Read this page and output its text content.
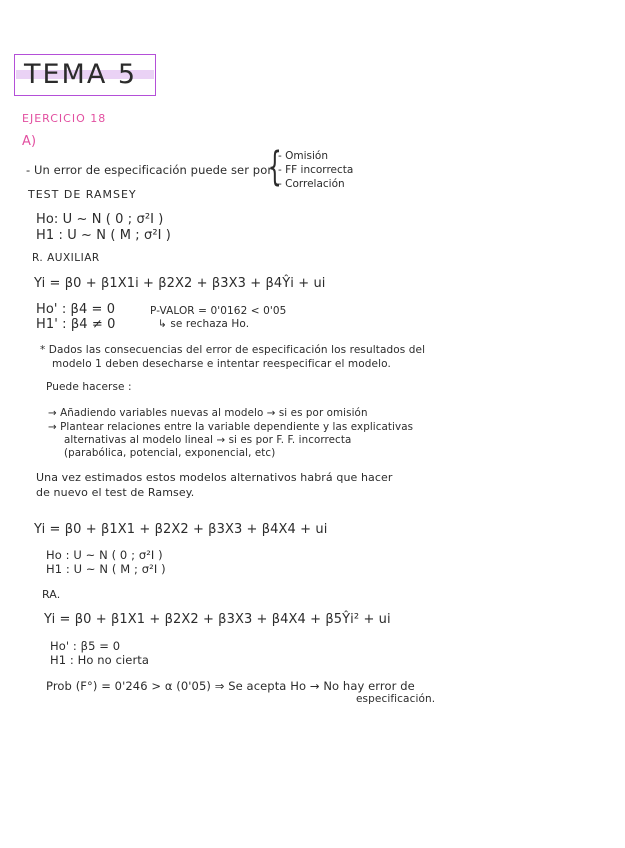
TEMA 5
EJERCICIO 18
A)
- Un error de especificación puede ser por
{
- Omisión
- FF incorrecta
- Correlación
TEST DE RAMSEY
Ho: U ~ N ( 0 ; σ²I )
H1 : U ~ N ( M ; σ²I )
R. AUXILIAR
Yi = β0 + β1X1i + β2X2 + β3X3 + β4Ŷi + ui
Ho' : β4 = 0
H1' : β4 ≠ 0
P-VALOR = 0'0162 < 0'05
↳ se rechaza Ho.
* Dados las consecuencias del error de especificación los resultados del
modelo 1 deben desecharse e intentar reespecificar el modelo.
Puede hacerse :
→ Añadiendo variables nuevas al modelo → si es por omisión
→ Plantear relaciones entre la variable dependiente y las explicativas
alternativas al modelo lineal → si es por F. F. incorrecta
(parabólica, potencial, exponencial, etc)
Una vez estimados estos modelos alternativos habrá que hacer
de nuevo el test de Ramsey.
Yi = β0 + β1X1 + β2X2 + β3X3 + β4X4 + ui
Ho : U ~ N ( 0 ; σ²I )
H1 : U ~ N ( M ; σ²I )
RA.
Yi = β0 + β1X1 + β2X2 + β3X3 + β4X4 + β5Ŷi² + ui
Ho' : β5 = 0
H1 : Ho no cierta
Prob (F°) = 0'246 > α (0'05) ⇒ Se acepta Ho → No hay error de
especificación.
